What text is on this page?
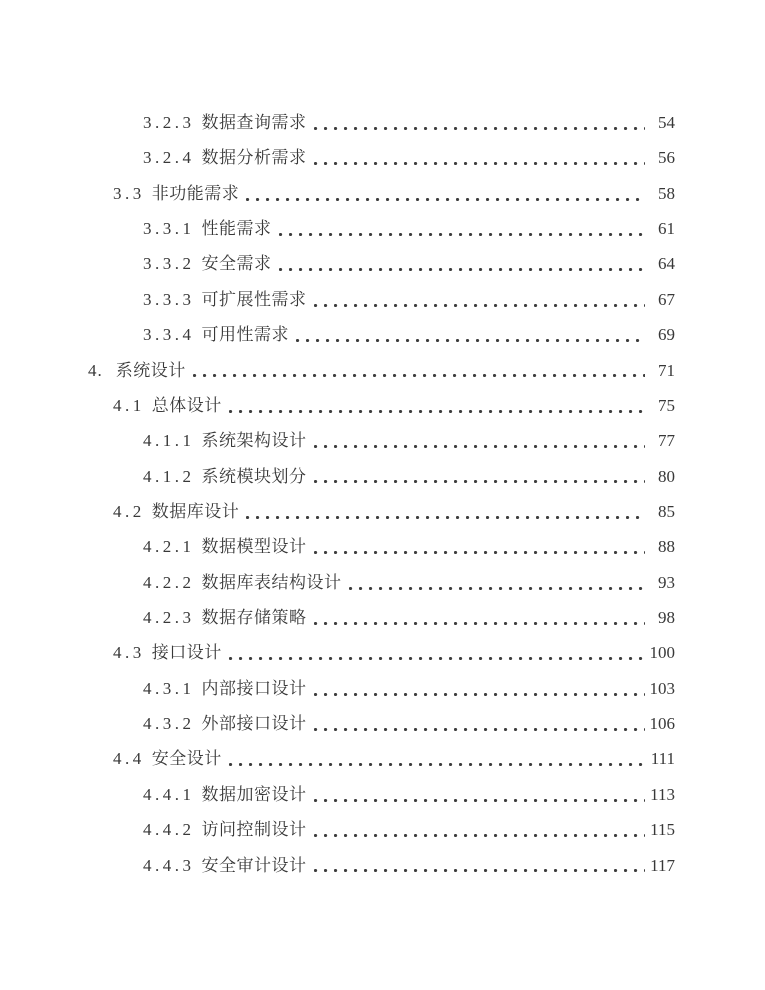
3.2.3 数据查询需求	54
3.2.4 数据分析需求	56
3.3 非功能需求	58
3.3.1 性能需求	61
3.3.2 安全需求	64
3.3.3 可扩展性需求	67
3.3.4 可用性需求	69
4. 系统设计	71
4.1 总体设计	75
4.1.1 系统架构设计	77
4.1.2 系统模块划分	80
4.2 数据库设计	85
4.2.1 数据模型设计	88
4.2.2 数据库表结构设计	93
4.2.3 数据存储策略	98
4.3 接口设计	100
4.3.1 内部接口设计	103
4.3.2 外部接口设计	106
4.4 安全设计	111
4.4.1 数据加密设计	113
4.4.2 访问控制设计	115
4.4.3 安全审计设计	117
